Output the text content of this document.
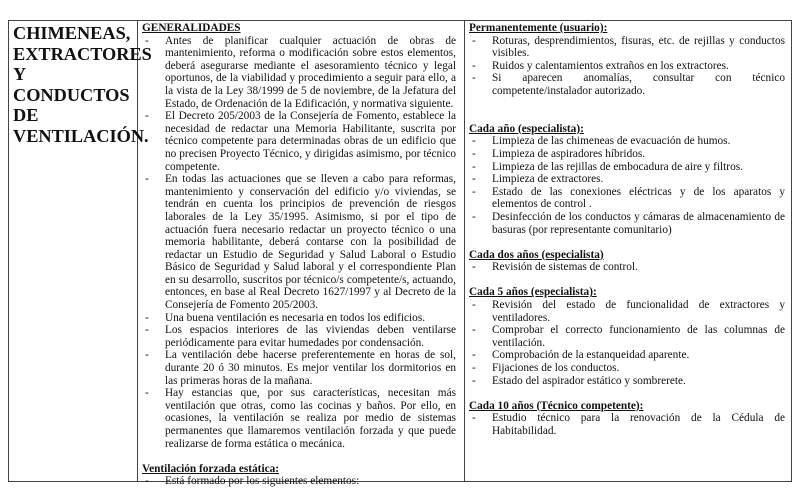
CHIMENEAS,
EXTRACTORES
Y CONDUCTOS
DE
VENTILACIÓN.

GENERALIDADES

- Antes de planificar cualquier actuación de obras de mantenimiento, reforma o modificación sobre estos elementos, deberá asegurarse mediante el asesoramiento técnico y legal oportunos, de la viabilidad y procedimiento a seguir para ello, a la vista de la Ley 38/1999 de 5 de noviembre, de la Jefatura del Estado, de Ordenación de la Edificación, y normativa siguiente.
- El Decreto 205/2003 de la Consejería de Fomento, establece la necesidad de redactar una Memoria Habilitante, suscrita por técnico competente para determinadas obras de un edificio que no precisen Proyecto Técnico, y dirigidas asimismo, por técnico competente.
- En todas las actuaciones que se lleven a cabo para reformas, mantenimiento y conservación del edificio y/o viviendas, se tendrán en cuenta los principios de prevención de riesgos laborales de la Ley 35/1995. Asimismo, si por el tipo de actuación fuera necesario redactar un proyecto técnico o una memoria habilitante, deberá contarse con la posibilidad de redactar un Estudio de Seguridad y Salud Laboral o Estudio Básico de Seguridad y Salud laboral y el correspondiente Plan en su desarrollo, suscritos por técnico/s competente/s, actuando, entonces, en base al Real Decreto 1627/1997 y al Decreto de la Consejería de Fomento 205/2003.
- Una buena ventilación es necesaria en todos los edificios.
- Los espacios interiores de las viviendas deben ventilarse periódicamente para evitar humedades por condensación.
- La ventilación debe hacerse preferentemente en horas de sol, durante 20 ó 30 minutos. Es mejor ventilar los dormitorios en las primeras horas de la mañana.
- Hay estancias que, por sus características, necesitan más ventilación que otras, como las cocinas y baños. Por ello, en ocasiones, la ventilación se realiza por medio de sistemas permanentes que llamaremos ventilación forzada y que puede realizarse de forma estática o mecánica.

Ventilación forzada estática:

- Está formado por los siguientes elementos:

Permanentemente (usuario):

- Roturas, desprendimientos, fisuras, etc. de rejillas y conductos visibles.
- Ruidos y calentamientos extraños en los extractores.
- Si aparecen anomalías, consultar con técnico competente/instalador autorizado.

Cada año (especialista):

- Limpieza de las chimeneas de evacuación de humos.
- Limpieza de aspiradores híbridos.
- Limpieza de las rejillas de embocadura de aire y filtros.
- Limpieza de extractores.
- Estado de las conexiones eléctricas y de los aparatos y elementos de control .
- Desinfección de los conductos y cámaras de almacenamiento de basuras (por representante comunitario)

Cada dos años (especialista)

- Revisión de sistemas de control.

Cada 5 años (especialista):

- Revisión del estado de funcionalidad de extractores y ventiladores.
- Comprobar el correcto funcionamiento de las columnas de ventilación.
- Comprobación de la estanqueidad aparente.
- Fijaciones de los conductos.
- Estado del aspirador estático y sombrerete.

Cada 10 años (Técnico competente):

- Estudio técnico para la renovación de la Cédula de Habitabilidad.
